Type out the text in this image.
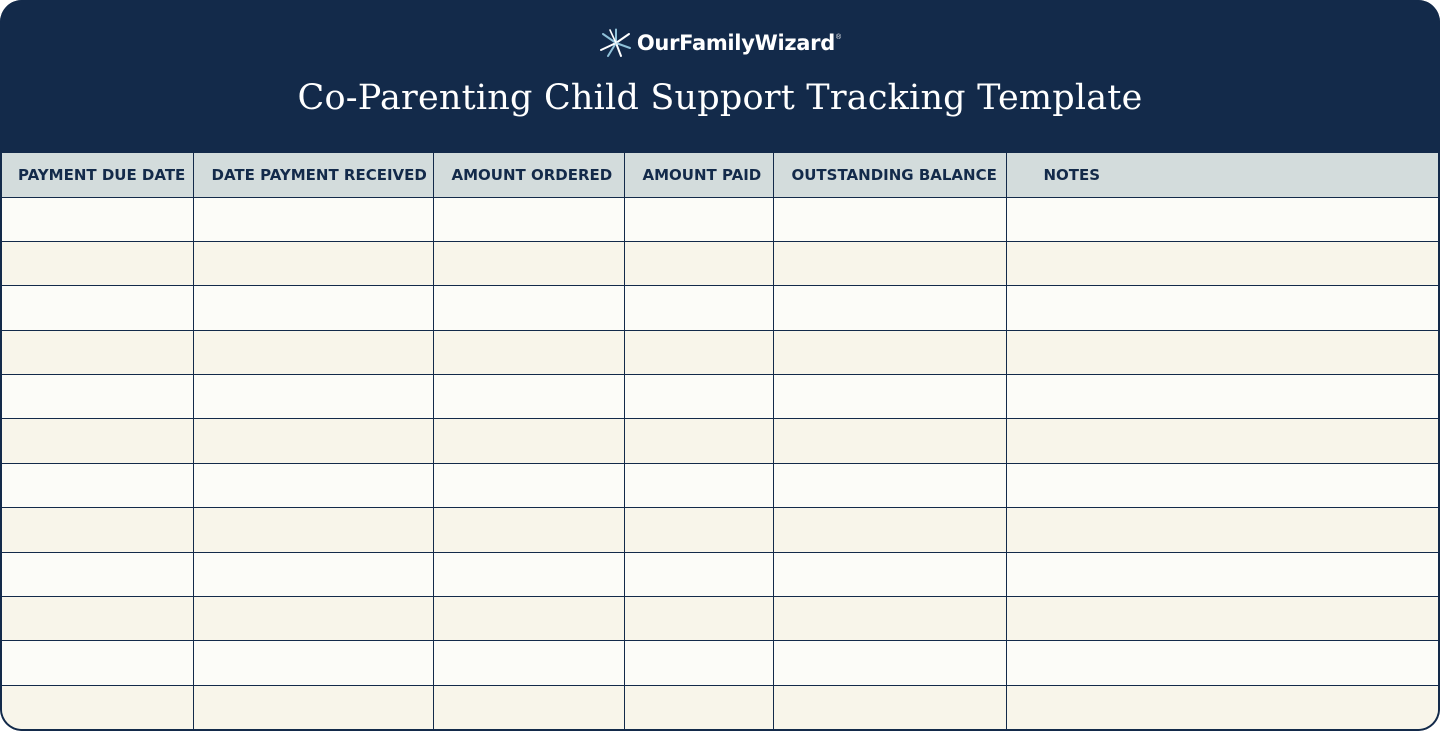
OurFamilyWizard ®
Co-Parenting Child Support Tracking Template
PAYMENT DUE DATE	DATE PAYMENT RECEIVED	AMOUNT ORDERED	AMOUNT PAID	OUTSTANDING BALANCE	NOTES
